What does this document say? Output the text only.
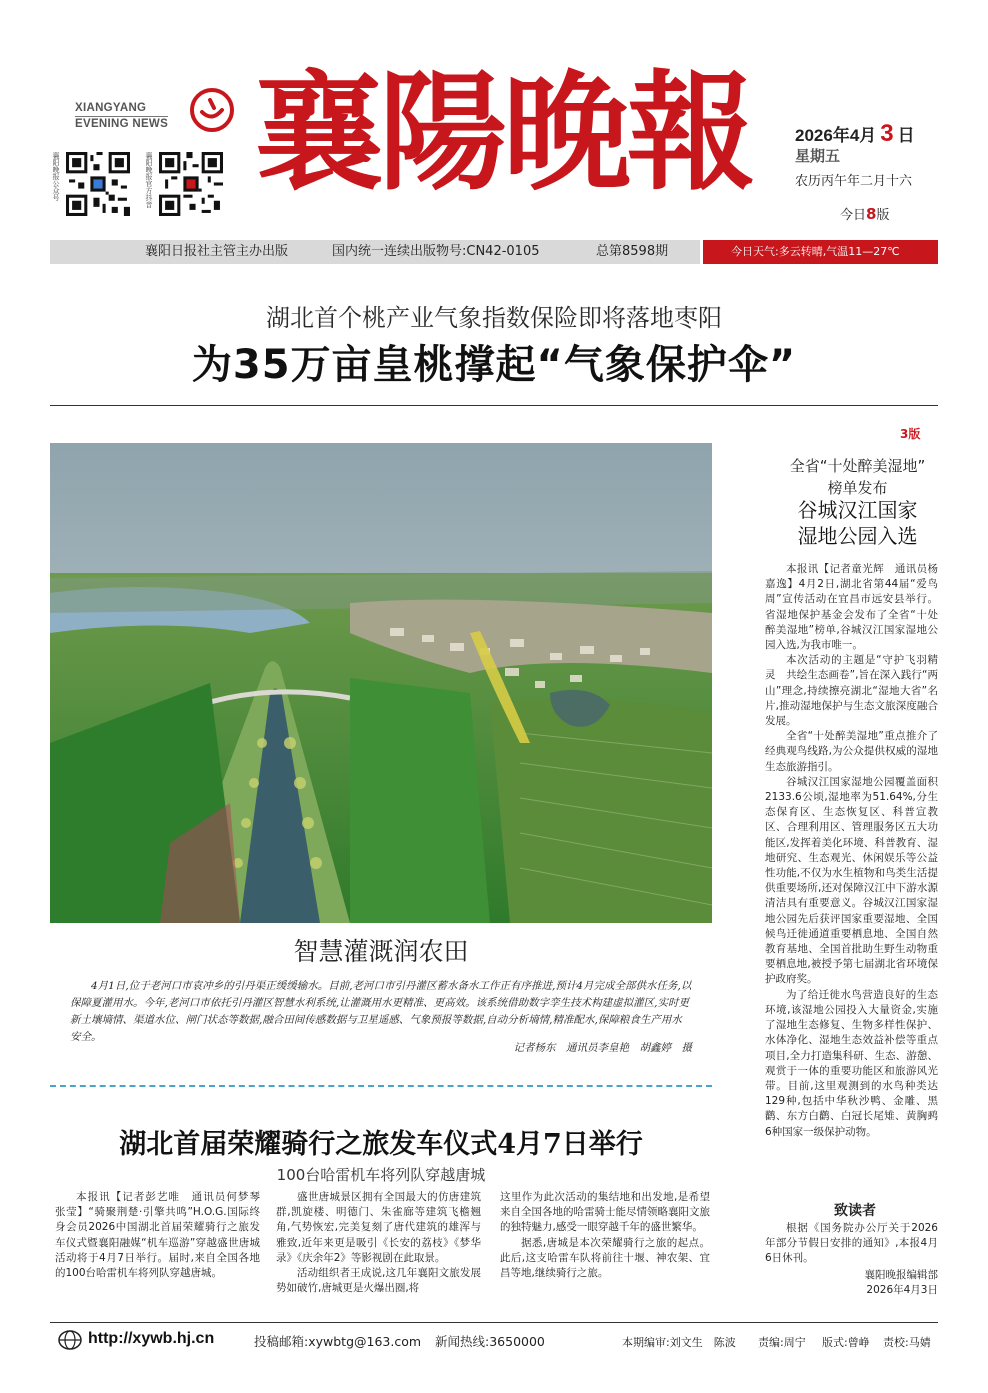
XIANGYANG
EVENING NEWS
襄阳晚报公众号	襄阳晚报官方抖音 襄陽晚報	2026年4月 3 日
星期五
农历丙午年二月十六
今日8版
襄阳日报社主管主办出版	国内统一连续出版物号:CN42-0105	总第8598期	今日天气:多云转晴,气温11—27℃
湖北首个桃产业气象指数保险即将落地枣阳
为35万亩皇桃撑起“气象保护伞”
3版
智慧灌溉润农田
4月1日,位于老河口市袁冲乡的引丹渠正缓缓输水。目前,老河口市引丹灌区蓄水备水工作正有序推进,预计4月完成全部供水任务,以保障夏灌用水。今年,老河口市依托引丹灌区智慧水利系统,让灌溉用水更精准、更高效。该系统借助数字孪生技术构建虚拟灌区,实时更新土壤墒情、渠道水位、闸门状态等数据,融合田间传感数据与卫星遥感、气象预报等数据,自动分析墒情,精准配水,保障粮食生产用水安全。
记者杨东　通讯员李皇艳　胡鑫婷　摄
全省“十处醉美湿地”
榜单发布
谷城汉江国家
湿地公园入选

本报讯【记者童光辉　通讯员杨嘉逸】4月2日,湖北省第44届“爱鸟周”宣传活动在宜昌市远安县举行。省湿地保护基金会发布了全省“十处醉美湿地”榜单,谷城汉江国家湿地公园入选,为我市唯一。

本次活动的主题是“守护飞羽精灵　共绘生态画卷”,旨在深入践行“两山”理念,持续擦亮湖北“湿地大省”名片,推动湿地保护与生态文旅深度融合发展。

全省“十处醉美湿地”重点推介了经典观鸟线路,为公众提供权威的湿地生态旅游指引。

谷城汉江国家湿地公园覆盖面积2133.6公顷,湿地率为51.64%,分生态保育区、生态恢复区、科普宣教区、合理利用区、管理服务区五大功能区,发挥着美化环境、科普教育、湿地研究、生态观光、休闲娱乐等公益性功能,不仅为水生植物和鸟类生活提供重要场所,还对保障汉江中下游水源清洁具有重要意义。谷城汉江国家湿地公园先后获评国家重要湿地、全国候鸟迁徙通道重要栖息地、全国自然教育基地、全国首批助生野生动物重要栖息地,被授予第七届湖北省环境保护政府奖。

为了给迁徙水鸟营造良好的生态环境,该湿地公园投入大量资金,实施了湿地生态修复、生物多样性保护、水体净化、湿地生态效益补偿等重点项目,全力打造集科研、生态、游憩、观赏于一体的重要功能区和旅游风光带。目前,这里观测到的水鸟种类达129种,包括中华秋沙鸭、金雕、黑鹳、东方白鹳、白冠长尾雉、黄胸鹀6种国家一级保护动物。

致读者
根据《国务院办公厅关于2026年部分节假日安排的通知》,本报4月6日休刊。
襄阳晚报编辑部
2026年4月3日
湖北首届荣耀骑行之旅发车仪式4月7日举行
100台哈雷机车将列队穿越唐城

本报讯【记者彭艺唯　通讯员何梦琴　张莹】“骑聚荆楚·引擎共鸣”H.O.G.国际终身会员2026中国湖北首届荣耀骑行之旅发车仪式暨襄阳融媒“机车巡游”穿越盛世唐城活动将于4月7日举行。届时,来自全国各地的100台哈雷机车将列队穿越唐城。

盛世唐城景区拥有全国最大的仿唐建筑群,凯旋楼、明德门、朱雀廊等建筑飞檐翘角,气势恢宏,完美复刻了唐代建筑的雄浑与雅致,近年来更是吸引《长安的荔枝》《梦华录》《庆余年2》等影视剧在此取景。

活动组织者王成说,这几年襄阳文旅发展势如破竹,唐城更是火爆出圈,将

这里作为此次活动的集结地和出发地,是希望来自全国各地的哈雷骑士能尽情领略襄阳文旅的独特魅力,感受一眼穿越千年的盛世繁华。

据悉,唐城是本次荣耀骑行之旅的起点。此后,这支哈雷车队将前往十堰、神农架、宜昌等地,继续骑行之旅。

http://xywb.hj.cn	投稿邮箱:xywbtg@163.com 新闻热线:3650000	本期编审:刘文生　陈波 责编:周宁 版式:曾峥 责校:马婧
